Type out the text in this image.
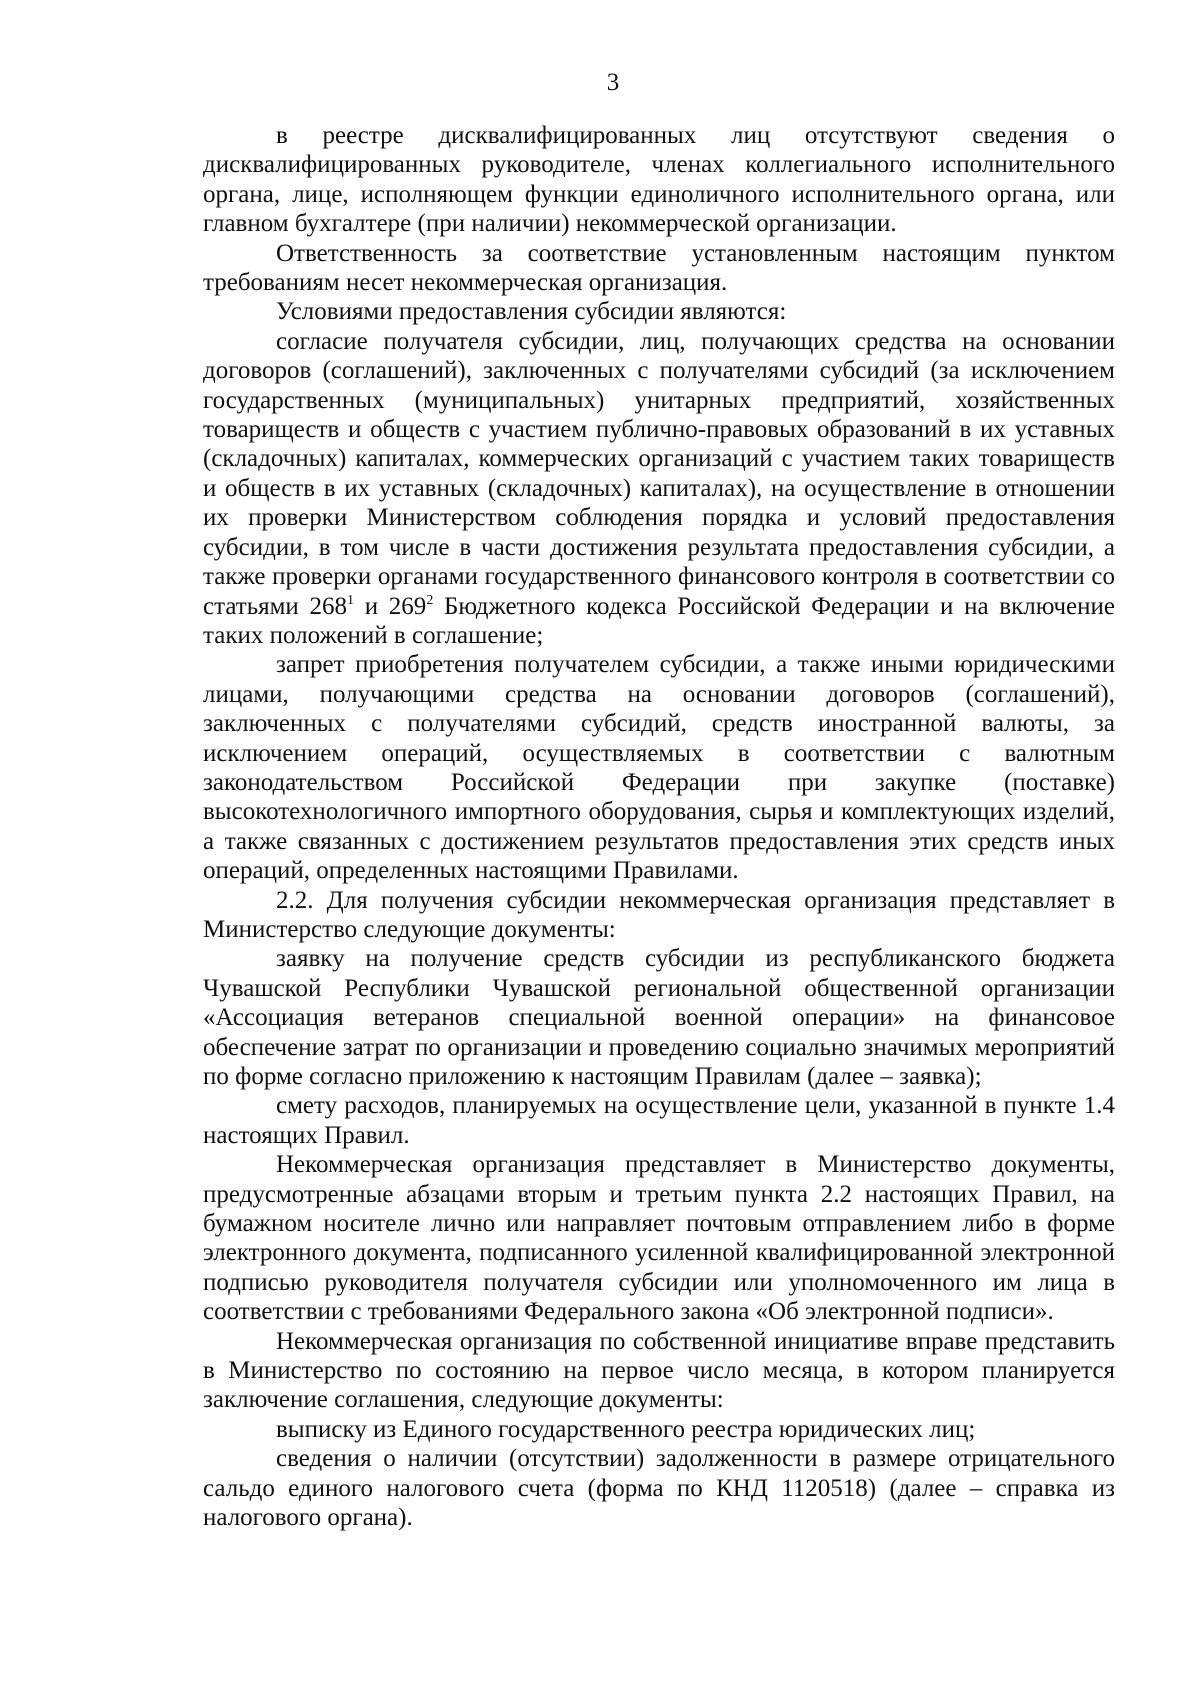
3

в реестре дисквалифицированных лиц отсутствуют сведения о дисквалифицированных руководителе, членах коллегиального исполнительного органа, лице, исполняющем функции единоличного исполнительного органа, или главном бухгалтере (при наличии) некоммерческой организации.

Ответственность за соответствие установленным настоящим пунктом требованиям несет некоммерческая организация.

Условиями предоставления субсидии являются:

согласие получателя субсидии, лиц, получающих средства на основании договоров (соглашений), заключенных с получателями субсидий (за исключением государственных (муниципальных) унитарных предприятий, хозяйственных товариществ и обществ с участием публично-правовых образований в их уставных (складочных) капиталах, коммерческих организаций с участием таких товариществ и обществ в их уставных (складочных) капиталах), на осуществление в отношении их проверки Министерством соблюдения порядка и условий предоставления субсидии, в том числе в части достижения результата предоставления субсидии, а также проверки органами государственного финансового контроля в соответствии со статьями $268^1$ и $269^2$ Бюджетного кодекса Российской Федерации и на включение таких положений в соглашение;

запрет приобретения получателем субсидии, а также иными юридическими лицами, получающими средства на основании договоров (соглашений), заключенных с получателями субсидий, средств иностранной валюты, за исключением операций, осуществляемых в соответствии с валютным законодательством Российской Федерации при закупке (поставке) высокотехнологичного импортного оборудования, сырья и комплектующих изделий, а также связанных с достижением результатов предоставления этих средств иных операций, определенных настоящими Правилами.

2.2. Для получения субсидии некоммерческая организация представляет в Министерство следующие документы:

заявку на получение средств субсидии из республиканского бюджета Чувашской Республики Чувашской региональной общественной организации «Ассоциация ветеранов специальной военной операции» на финансовое обеспечение затрат по организации и проведению социально значимых мероприятий по форме согласно приложению к настоящим Правилам (далее – заявка);

смету расходов, планируемых на осуществление цели, указанной в пункте 1.4 настоящих Правил.

Некоммерческая организация представляет в Министерство документы, предусмотренные абзацами вторым и третьим пункта 2.2 настоящих Правил, на бумажном носителе лично или направляет почтовым отправлением либо в форме электронного документа, подписанного усиленной квалифицированной электронной подписью руководителя получателя субсидии или уполномоченного им лица в соответствии с требованиями Федерального закона «Об электронной подписи».

Некоммерческая организация по собственной инициативе вправе представить в Министерство по состоянию на первое число месяца, в котором планируется заключение соглашения, следующие документы:

выписку из Единого государственного реестра юридических лиц;

сведения о наличии (отсутствии) задолженности в размере отрицательного сальдо единого налогового счета (форма по КНД 1120518) (далее – справка из налогового органа).
